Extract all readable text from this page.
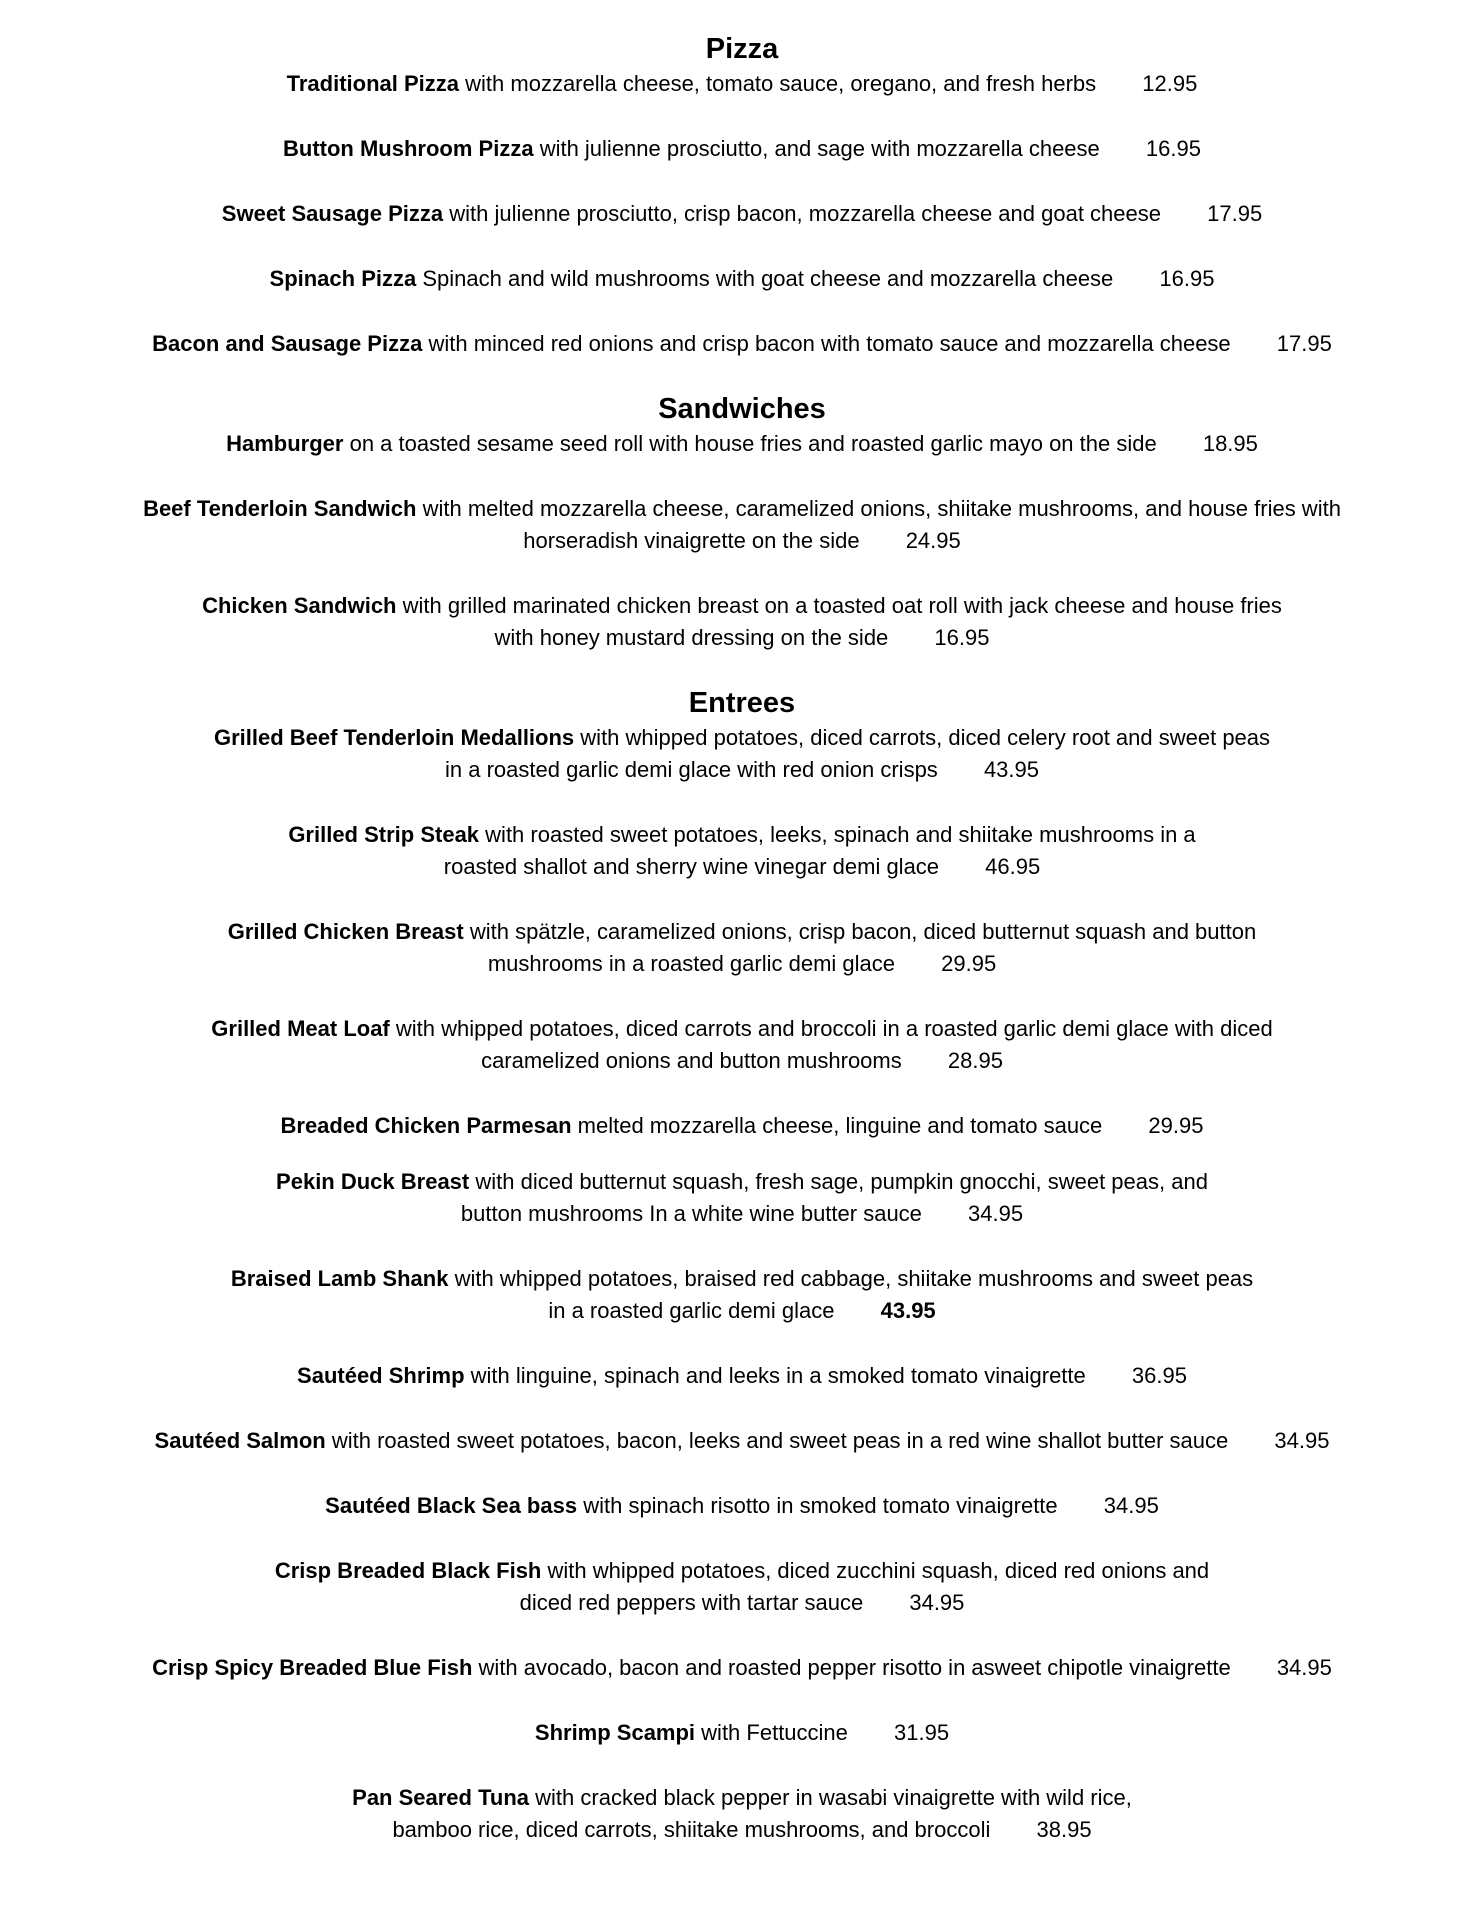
Pizza
Traditional Pizza with mozzarella cheese, tomato sauce, oregano, and fresh herbs 12.95
Button Mushroom Pizza with julienne prosciutto, and sage with mozzarella cheese 16.95
Sweet Sausage Pizza with julienne prosciutto, crisp bacon, mozzarella cheese and goat cheese 17.95
Spinach Pizza Spinach and wild mushrooms with goat cheese and mozzarella cheese 16.95
Bacon and Sausage Pizza with minced red onions and crisp bacon with tomato sauce and mozzarella cheese 17.95
Sandwiches
Hamburger on a toasted sesame seed roll with house fries and roasted garlic mayo on the side 18.95
Beef Tenderloin Sandwich with melted mozzarella cheese, caramelized onions, shiitake mushrooms, and house fries with
horseradish vinaigrette on the side 24.95
Chicken Sandwich with grilled marinated chicken breast on a toasted oat roll with jack cheese and house fries
with honey mustard dressing on the side 16.95
Entrees
Grilled Beef Tenderloin Medallions with whipped potatoes, diced carrots, diced celery root and sweet peas
in a roasted garlic demi glace with red onion crisps 43.95
Grilled Strip Steak with roasted sweet potatoes, leeks, spinach and shiitake mushrooms in a
roasted shallot and sherry wine vinegar demi glace 46.95
Grilled Chicken Breast with spätzle, caramelized onions, crisp bacon, diced butternut squash and button
mushrooms in a roasted garlic demi glace 29.95
Grilled Meat Loaf with whipped potatoes, diced carrots and broccoli in a roasted garlic demi glace with diced
caramelized onions and button mushrooms 28.95
Breaded Chicken Parmesan melted mozzarella cheese, linguine and tomato sauce 29.95
Pekin Duck Breast with diced butternut squash, fresh sage, pumpkin gnocchi, sweet peas, and
button mushrooms In a white wine butter sauce 34.95
Braised Lamb Shank with whipped potatoes, braised red cabbage, shiitake mushrooms and sweet peas
in a roasted garlic demi glace 43.95
Sautéed Shrimp with linguine, spinach and leeks in a smoked tomato vinaigrette 36.95
Sautéed Salmon with roasted sweet potatoes, bacon, leeks and sweet peas in a red wine shallot butter sauce 34.95
Sautéed Black Sea bass with spinach risotto in smoked tomato vinaigrette 34.95
Crisp Breaded Black Fish with whipped potatoes, diced zucchini squash, diced red onions and
diced red peppers with tartar sauce 34.95
Crisp Spicy Breaded Blue Fish with avocado, bacon and roasted pepper risotto in asweet chipotle vinaigrette 34.95
Shrimp Scampi with Fettuccine 31.95
Pan Seared Tuna with cracked black pepper in wasabi vinaigrette with wild rice,
bamboo rice, diced carrots, shiitake mushrooms, and broccoli 38.95
